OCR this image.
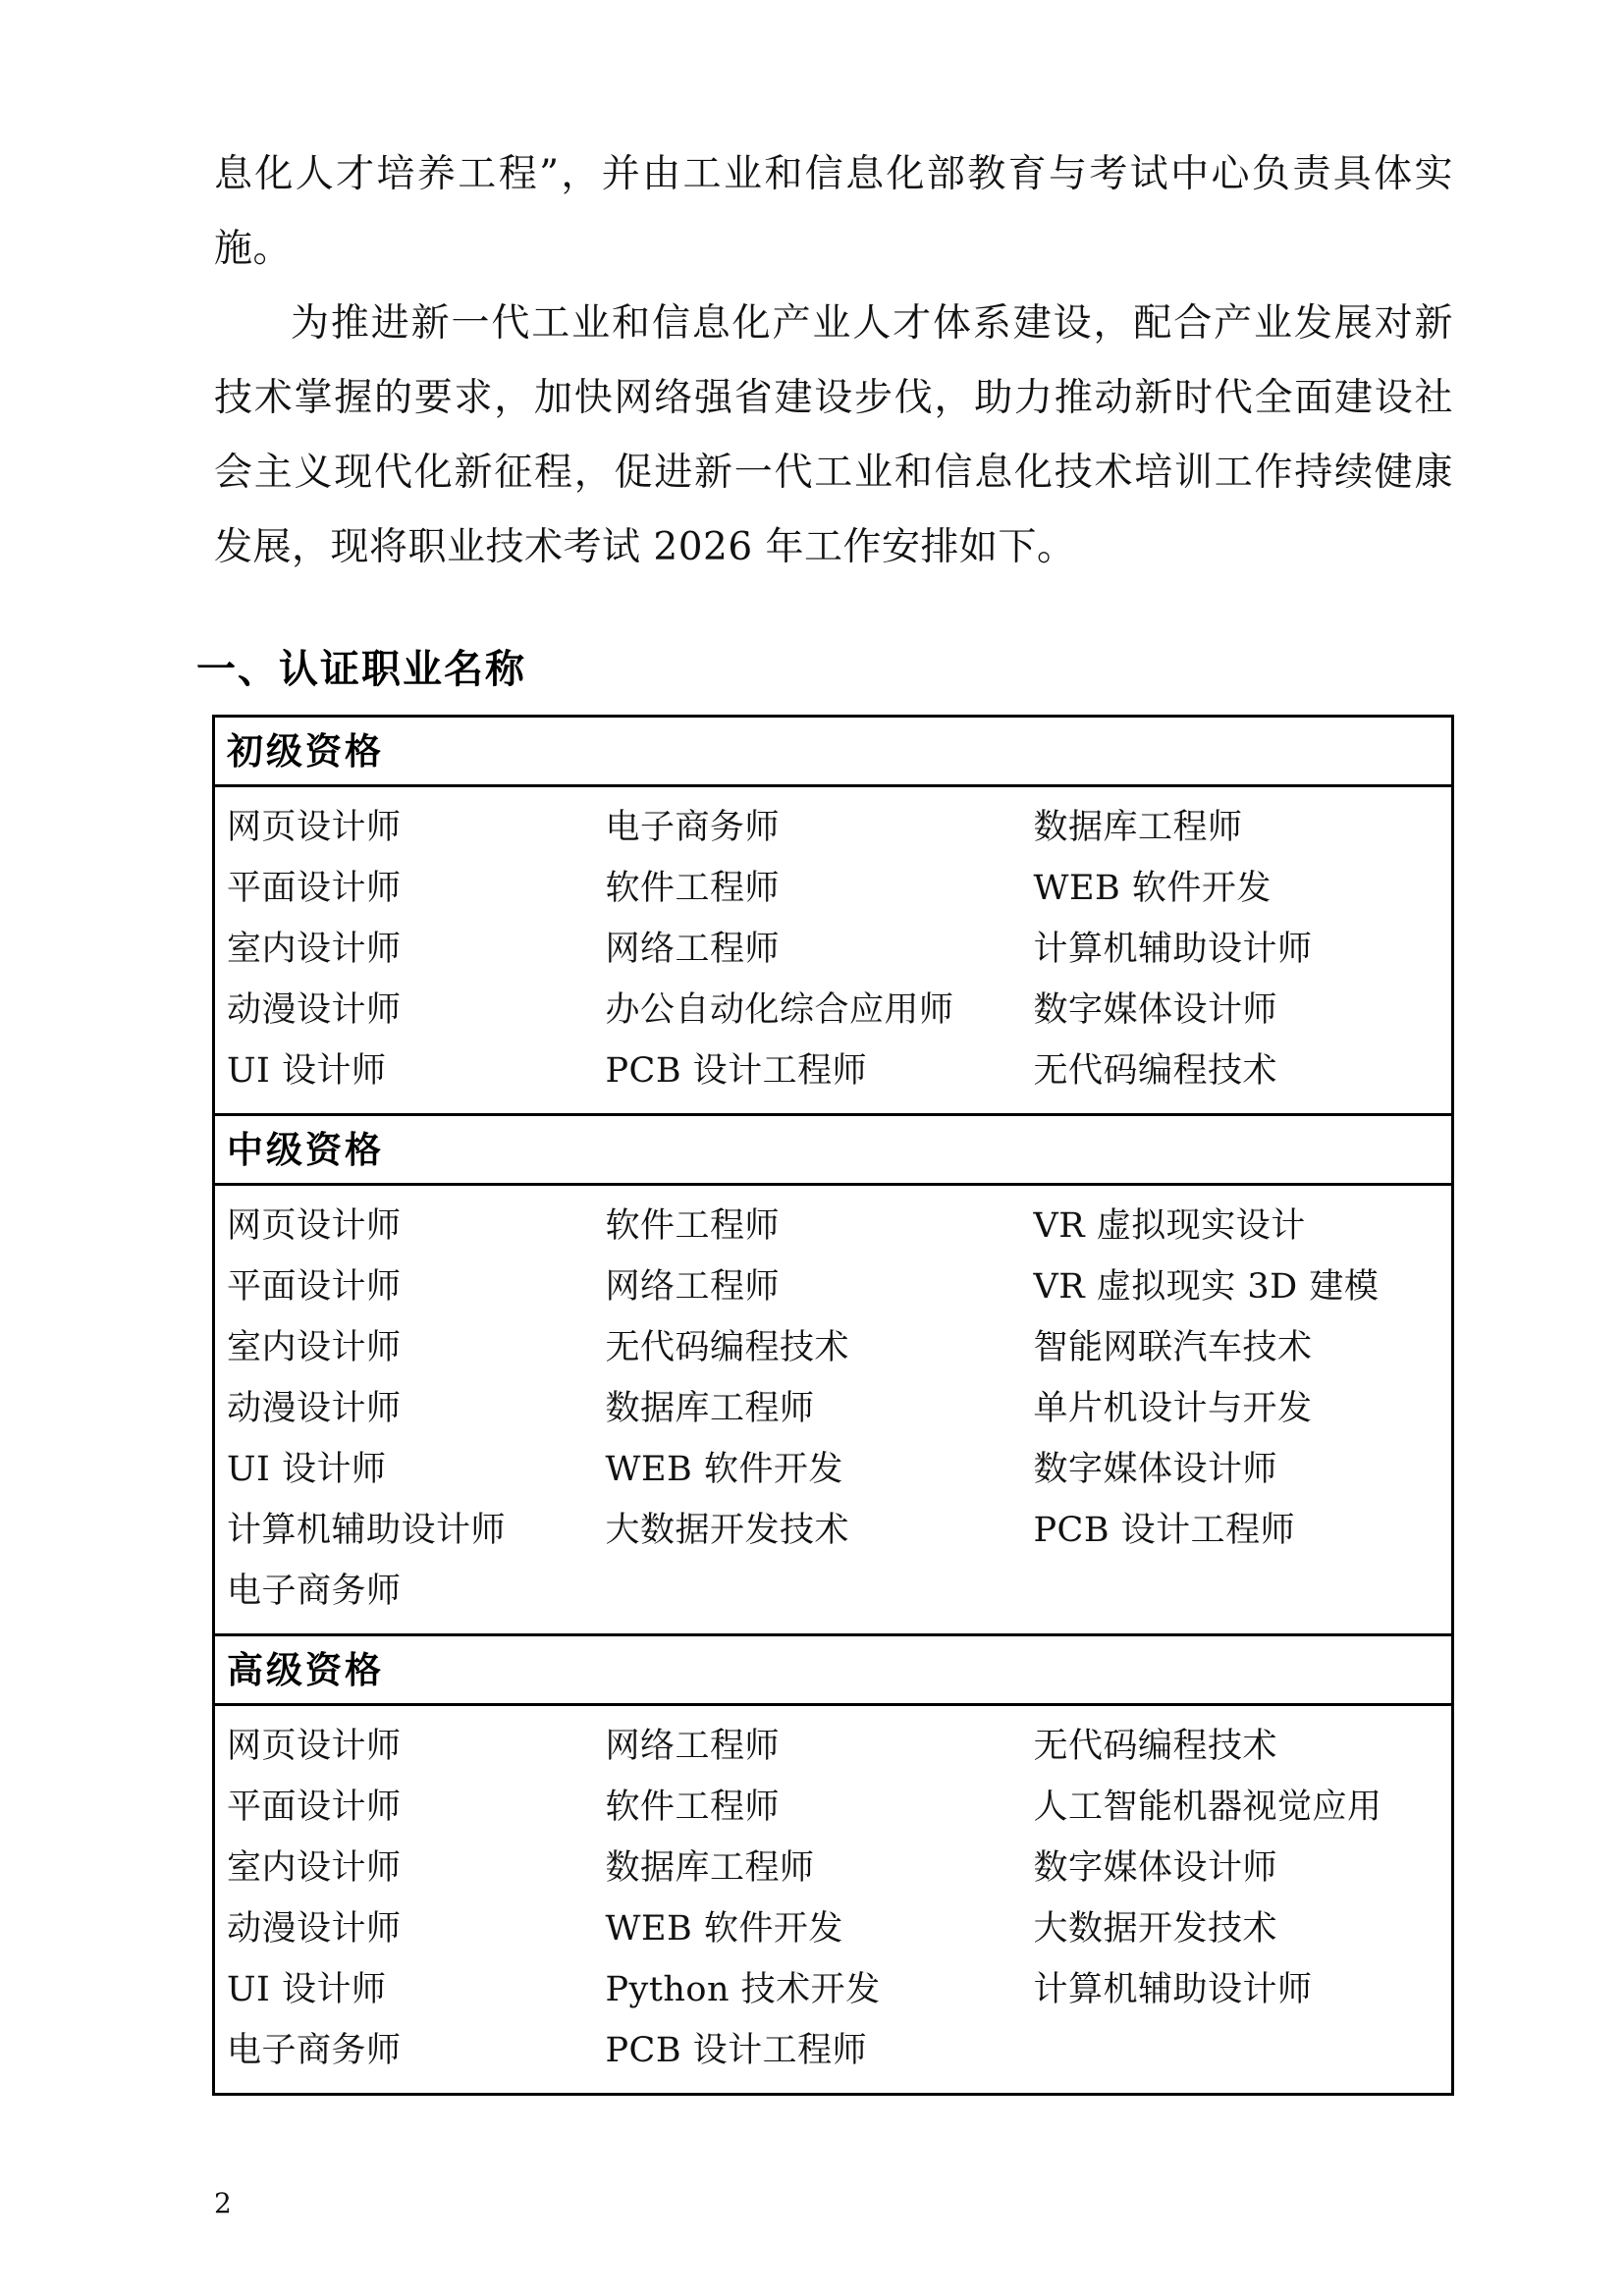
息化人才培养工程”，并由工业和信息化部教育与考试中心负责具体实施。

为推进新一代工业和信息化产业人才体系建设，配合产业发展对新技术掌握的要求，加快网络强省建设步伐，助力推动新时代全面建设社会主义现代化新征程，促进新一代工业和信息化技术培训工作持续健康发展，现将职业技术考试 2026 年工作安排如下。

一、认证职业名称
初级资格		

网页设计师	电子商务师	数据库工程师

平面设计师	软件工程师	WEB 软件开发

室内设计师	网络工程师	计算机辅助设计师

动漫设计师	办公自动化综合应用师	数字媒体设计师

UI 设计师	PCB 设计工程师	无代码编程技术

中级资格		

网页设计师	软件工程师	VR 虚拟现实设计

平面设计师	网络工程师	VR 虚拟现实 3D 建模

室内设计师	无代码编程技术	智能网联汽车技术

动漫设计师	数据库工程师	单片机设计与开发

UI 设计师	WEB 软件开发	数字媒体设计师

计算机辅助设计师	大数据开发技术	PCB 设计工程师

电子商务师		

高级资格		

网页设计师	网络工程师	无代码编程技术

平面设计师	软件工程师	人工智能机器视觉应用

室内设计师	数据库工程师	数字媒体设计师

动漫设计师	WEB 软件开发	大数据开发技术

UI 设计师	Python 技术开发	计算机辅助设计师

电子商务师	PCB 设计工程师	

2
